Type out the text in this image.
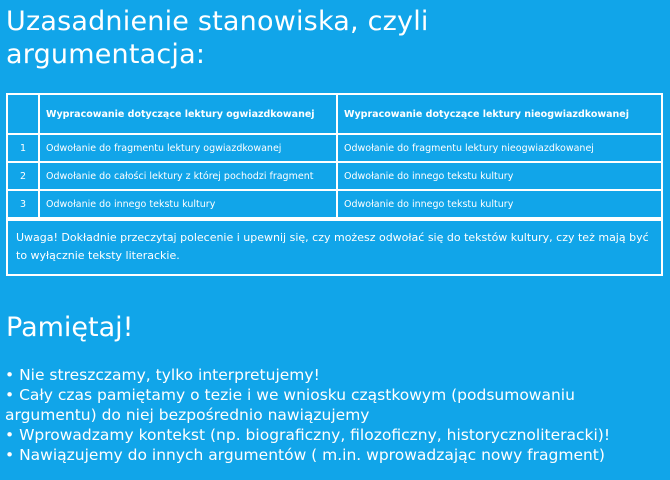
Uzasadnienie stanowiska, czyli
argumentacja:
	Wypracowanie dotyczące lektury ogwiazdkowanej	Wypracowanie dotyczące lektury nieogwiazdkowanej
1	Odwołanie do fragmentu lektury ogwiazdkowanej	Odwołanie do fragmentu lektury nieogwiazdkowanej
2	Odwołanie do całości lektury z której pochodzi fragment	Odwołanie do innego tekstu kultury
3	Odwołanie do innego tekstu kultury	Odwołanie do innego tekstu kultury
Uwaga! Dokładnie przeczytaj polecenie i upewnij się, czy możesz odwołać się do tekstów kultury, czy też mają być to wyłącznie teksty literackie.
Pamiętaj!
• Nie streszczamy, tylko interpretujemy!
• Cały czas pamiętamy o tezie i we wniosku cząstkowym (podsumowaniu argumentu) do niej bezpośrednio nawiązujemy
• Wprowadzamy kontekst (np. biograficzny, filozoficzny, historycznoliteracki)!
• Nawiązujemy do innych argumentów ( m.in. wprowadzając nowy fragment)
